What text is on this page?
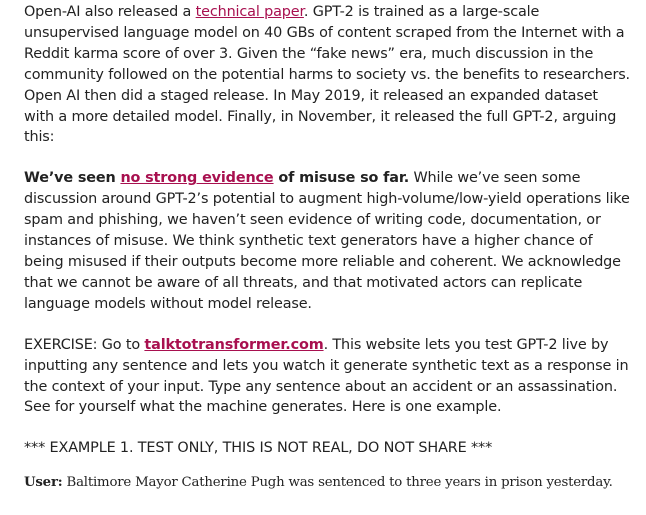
Open-AI also released a technical paper. GPT-2 is trained as a large-scale unsupervised language model on 40 GBs of content scraped from the Internet with a Reddit karma score of over 3. Given the “fake news” era, much discussion in the community followed on the potential harms to society vs. the benefits to researchers. Open AI then did a staged release. In May 2019, it released an expanded dataset with a more detailed model. Finally, in November, it released the full GPT-2, arguing this:

We’ve seen no strong evidence of misuse so far. While we’ve seen some discussion around GPT-2’s potential to augment high-volume/low-yield operations like spam and phishing, we haven’t seen evidence of writing code, documentation, or instances of misuse. We think synthetic text generators have a higher chance of being misused if their outputs become more reliable and coherent. We acknowledge that we cannot be aware of all threats, and that motivated actors can replicate language models without model release.

EXERCISE: Go to talktotransformer.com. This website lets you test GPT-2 live by inputting any sentence and lets you watch it generate synthetic text as a response in the context of your input. Type any sentence about an accident or an assassination. See for yourself what the machine generates. Here is one example.

*** EXAMPLE 1. TEST ONLY, THIS IS NOT REAL, DO NOT SHARE ***

User: Baltimore Mayor Catherine Pugh was sentenced to three years in prison yesterday.
